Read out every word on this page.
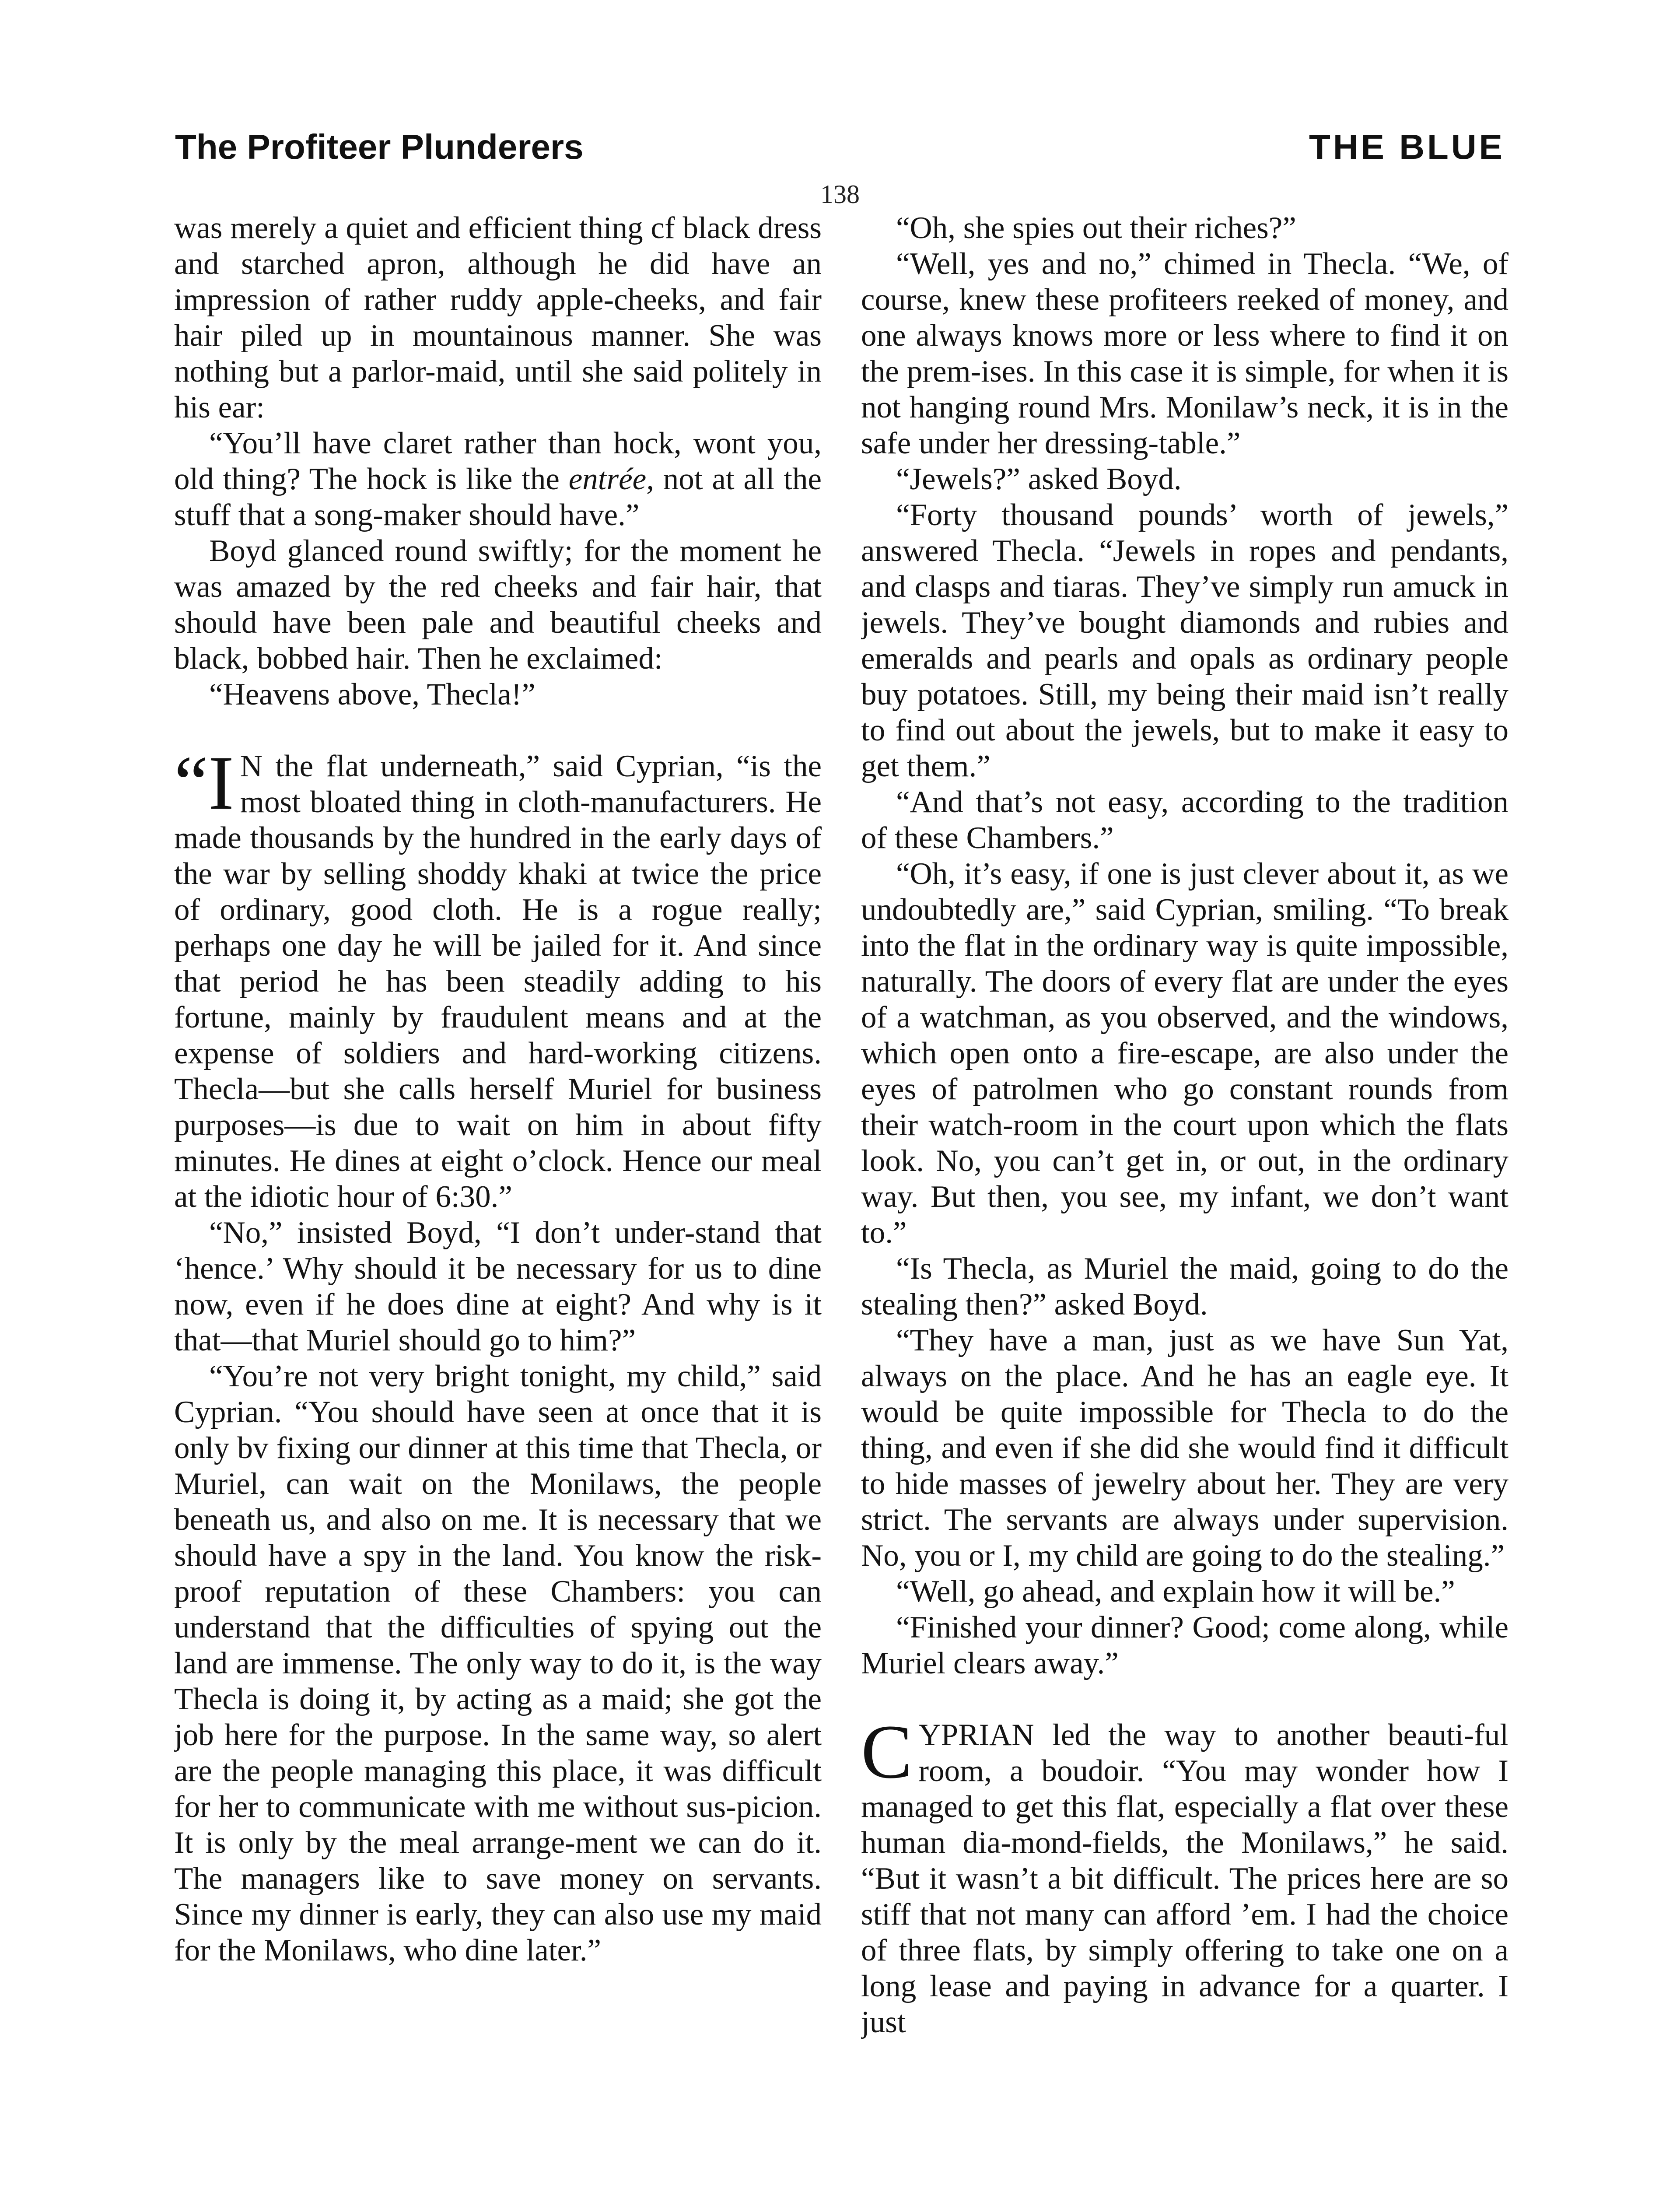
The Profiteer Plunderers	THE BLUE
138

was merely a quiet and efficient thing cf black dress and starched apron, although he did have an impression of rather ruddy apple-cheeks, and fair hair piled up in mountainous manner. She was nothing but a parlor-maid, until she said politely in his ear:

“You’ll have claret rather than hock, wont you, old thing? The hock is like the entrée, not at all the stuff that a song-maker should have.”

Boyd glanced round swiftly; for the moment he was amazed by the red cheeks and fair hair, that should have been pale and beautiful cheeks and black, bobbed hair. Then he exclaimed:

“Heavens above, Thecla!”

“I N the flat underneath,” said Cyprian, “is the most bloated thing in cloth-manufacturers. He made thousands by the hundred in the early days of the war by selling shoddy khaki at twice the price of ordinary, good cloth. He is a rogue really; perhaps one day he will be jailed for it. And since that period he has been steadily adding to his fortune, mainly by fraudulent means and at the expense of soldiers and hard-working citizens. Thecla—but she calls herself Muriel for business purposes—is due to wait on him in about fifty minutes. He dines at eight o’clock. Hence our meal at the idiotic hour of 6:30.”

“No,” insisted Boyd, “I don’t under-stand that ‘hence.’ Why should it be necessary for us to dine now, even if he does dine at eight? And why is it that—that Muriel should go to him?”

“You’re not very bright tonight, my child,” said Cyprian. “You should have seen at once that it is only bv fixing our dinner at this time that Thecla, or Muriel, can wait on the Monilaws, the people beneath us, and also on me. It is necessary that we should have a spy in the land. You know the risk-proof reputation of these Chambers: you can understand that the difficulties of spying out the land are immense. The only way to do it, is the way Thecla is doing it, by acting as a maid; she got the job here for the purpose. In the same way, so alert are the people managing this place, it was difficult for her to communicate with me without sus-picion. It is only by the meal arrange-ment we can do it. The managers like to save money on servants. Since my dinner is early, they can also use my maid for the Monilaws, who dine later.”

“Oh, she spies out their riches?”

“Well, yes and no,” chimed in Thecla. “We, of course, knew these profiteers reeked of money, and one always knows more or less where to find it on the prem-ises. In this case it is simple, for when it is not hanging round Mrs. Monilaw’s neck, it is in the safe under her dressing-table.”

“Jewels?” asked Boyd.

“Forty thousand pounds’ worth of jewels,” answered Thecla. “Jewels in ropes and pendants, and clasps and tiaras. They’ve simply run amuck in jewels. They’ve bought diamonds and rubies and emeralds and pearls and opals as ordinary people buy potatoes. Still, my being their maid isn’t really to find out about the jewels, but to make it easy to get them.”

“And that’s not easy, according to the tradition of these Chambers.”

“Oh, it’s easy, if one is just clever about it, as we undoubtedly are,” said Cyprian, smiling. “To break into the flat in the ordinary way is quite impossible, naturally. The doors of every flat are under the eyes of a watchman, as you observed, and the windows, which open onto a fire-escape, are also under the eyes of patrolmen who go constant rounds from their watch-room in the court upon which the flats look. No, you can’t get in, or out, in the ordinary way. But then, you see, my infant, we don’t want to.”

“Is Thecla, as Muriel the maid, going to do the stealing then?” asked Boyd.

“They have a man, just as we have Sun Yat, always on the place. And he has an eagle eye. It would be quite impossible for Thecla to do the thing, and even if she did she would find it difficult to hide masses of jewelry about her. They are very strict. The servants are always under supervision. No, you or I, my child are going to do the stealing.”

“Well, go ahead, and explain how it will be.”

“Finished your dinner? Good; come along, while Muriel clears away.”

CYPRIAN led the way to another beauti-ful room, a boudoir. “You may wonder how I managed to get this flat, especially a flat over these human dia-mond-fields, the Monilaws,” he said. “But it wasn’t a bit difficult. The prices here are so stiff that not many can afford ’em. I had the choice of three flats, by simply offering to take one on a long lease and paying in advance for a quarter. I just
